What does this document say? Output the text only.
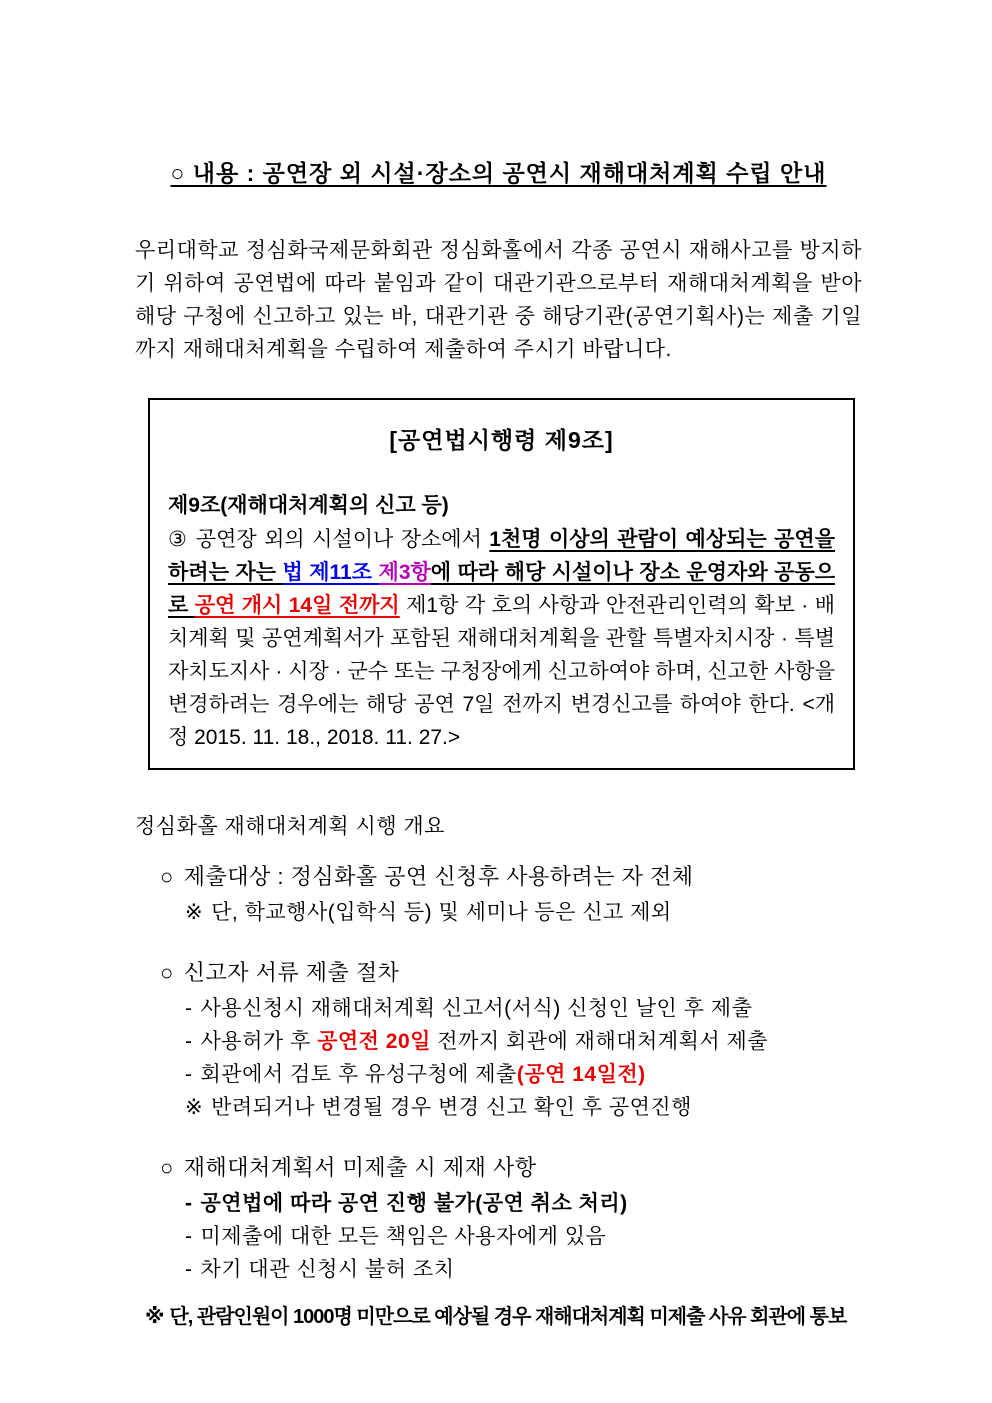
○ 내용 : 공연장 외 시설·장소의 공연시 재해대처계획 수립 안내

우리대학교 정심화국제문화회관 정심화홀에서 각종 공연시 재해사고를 방지하기 위하여 공연법에 따라 붙임과 같이 대관기관으로부터 재해대처계획을 받아 해당 구청에 신고하고 있는 바, 대관기관 중 해당기관(공연기획사)는 제출 기일까지 재해대처계획을 수립하여 제출하여 주시기 바랍니다.

[공연법시행령 제9조]
제9조(재해대처계획의 신고 등)

③ 공연장 외의 시설이나 장소에서 1천명 이상의 관람이 예상되는 공연을 하려는 자는 법 제11조 제3항에 따라 해당 시설이나 장소 운영자와 공동으로 공연 개시 14일 전까지 제1항 각 호의 사항과 안전관리인력의 확보 · 배치계획 및 공연계획서가 포함된 재해대처계획을 관할 특별자치시장 · 특별자치도지사 · 시장 · 군수 또는 구청장에게 신고하여야 하며, 신고한 사항을 변경하려는 경우에는 해당 공연 7일 전까지 변경신고를 하여야 한다. <개정 2015. 11. 18., 2018. 11. 27.>

정심화홀 재해대처계획 시행 개요
○ 제출대상 : 정심화홀 공연 신청후 사용하려는 자 전체
※ 단, 학교행사(입학식 등) 및 세미나 등은 신고 제외
○ 신고자 서류 제출 절차
- 사용신청시 재해대처계획 신고서(서식) 신청인 날인 후 제출
- 사용허가 후 공연전 20일 전까지 회관에 재해대처계획서 제출
- 회관에서 검토 후 유성구청에 제출(공연 14일전)
※ 반려되거나 변경될 경우 변경 신고 확인 후 공연진행
○ 재해대처계획서 미제출 시 제재 사항
- 공연법에 따라 공연 진행 불가(공연 취소 처리)
- 미제출에 대한 모든 책임은 사용자에게 있음
- 차기 대관 신청시 불허 조치
※ 단, 관람인원이 1000명 미만으로 예상될 경우 재해대처계획 미제출 사유 회관에 통보
